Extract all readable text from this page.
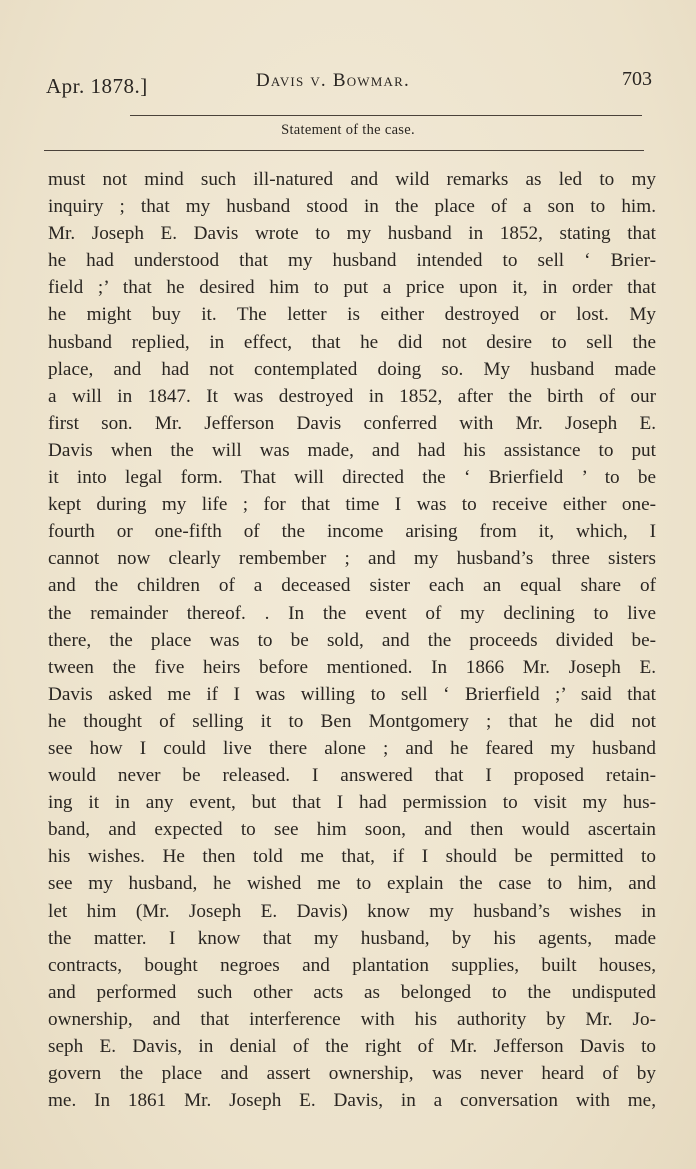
Apr. 1878.]	Davis v. Bowmar.	703
Statement of the case.
must not mind such ill-natured and wild remarks as led to my
inquiry ; that my husband stood in the place of a son to him.
Mr. Joseph E. Davis wrote to my husband in 1852, stating that
he had understood that my husband intended to sell ‘ Brier-
field ;’ that he desired him to put a price upon it, in order that
he might buy it. The letter is either destroyed or lost. My
husband replied, in effect, that he did not desire to sell the
place, and had not contemplated doing so. My husband made
a will in 1847. It was destroyed in 1852, after the birth of our
first son. Mr. Jefferson Davis conferred with Mr. Joseph E.
Davis when the will was made, and had his assistance to put
it into legal form. That will directed the ‘ Brierfield ’ to be
kept during my life ; for that time I was to receive either one-
fourth or one-fifth of the income arising from it, which, I
cannot now clearly rembember ; and my husband’s three sisters
and the children of a deceased sister each an equal share of
the remainder thereof. . In the event of my declining to live
there, the place was to be sold, and the proceeds divided be-
tween the five heirs before mentioned. In 1866 Mr. Joseph E.
Davis asked me if I was willing to sell ‘ Brierfield ;’ said that
he thought of selling it to Ben Montgomery ; that he did not
see how I could live there alone ; and he feared my husband
would never be released. I answered that I proposed retain-
ing it in any event, but that I had permission to visit my hus-
band, and expected to see him soon, and then would ascertain
his wishes. He then told me that, if I should be permitted to
see my husband, he wished me to explain the case to him, and
let him (Mr. Joseph E. Davis) know my husband’s wishes in
the matter. I know that my husband, by his agents, made
contracts, bought negroes and plantation supplies, built houses,
and performed such other acts as belonged to the undisputed
ownership, and that interference with his authority by Mr. Jo-
seph E. Davis, in denial of the right of Mr. Jefferson Davis to
govern the place and assert ownership, was never heard of by
me. In 1861 Mr. Joseph E. Davis, in a conversation with me,
